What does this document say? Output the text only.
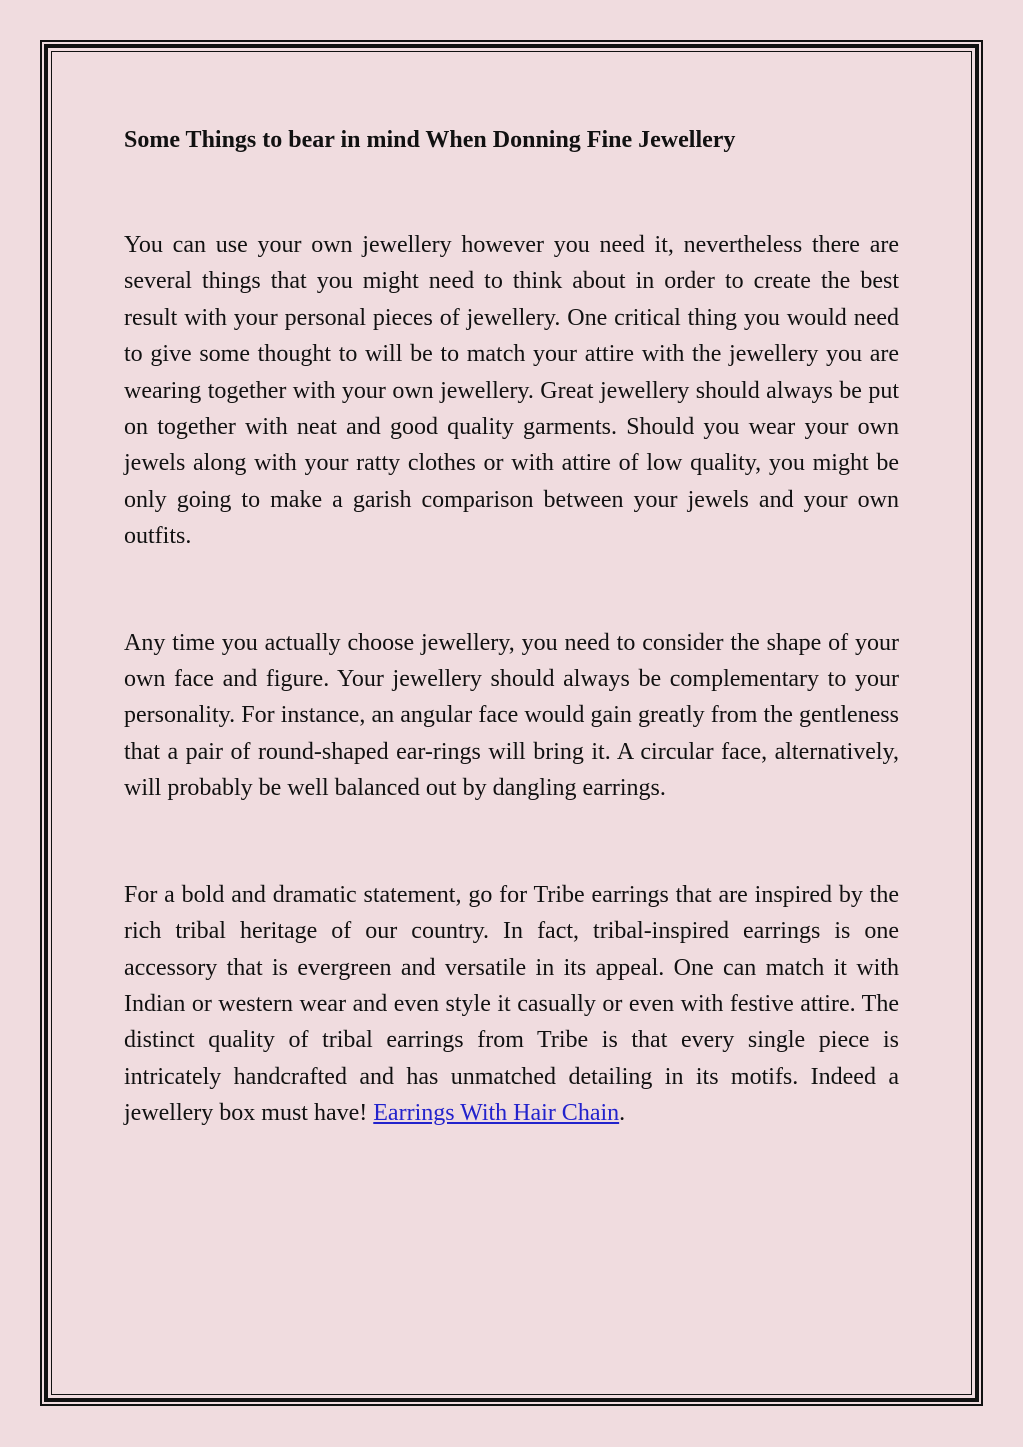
Some Things to bear in mind When Donning Fine Jewellery

You can use your own jewellery however you need it, nevertheless there are several things that you might need to think about in order to create the best result with your personal pieces of jewellery. One critical thing you would need to give some thought to will be to match your attire with the jewellery you are wearing together with your own jewellery. Great jewellery should always be put on together with neat and good quality garments. Should you wear your own jewels along with your ratty clothes or with attire of low quality, you might be only going to make a garish comparison between your jewels and your own outfits.

Any time you actually choose jewellery, you need to consider the shape of your own face and figure. Your jewellery should always be complementary to your personality. For instance, an angular face would gain greatly from the gentleness that a pair of round-shaped ear-rings will bring it. A circular face, alternatively, will probably be well balanced out by dangling earrings.

For a bold and dramatic statement, go for Tribe earrings that are inspired by the rich tribal heritage of our country. In fact, tribal-inspired earrings is one accessory that is evergreen and versatile in its appeal. One can match it with Indian or western wear and even style it casually or even with festive attire. The distinct quality of tribal earrings from Tribe is that every single piece is intricately handcrafted and has unmatched detailing in its motifs. Indeed a jewellery box must have! Earrings With Hair Chain.
